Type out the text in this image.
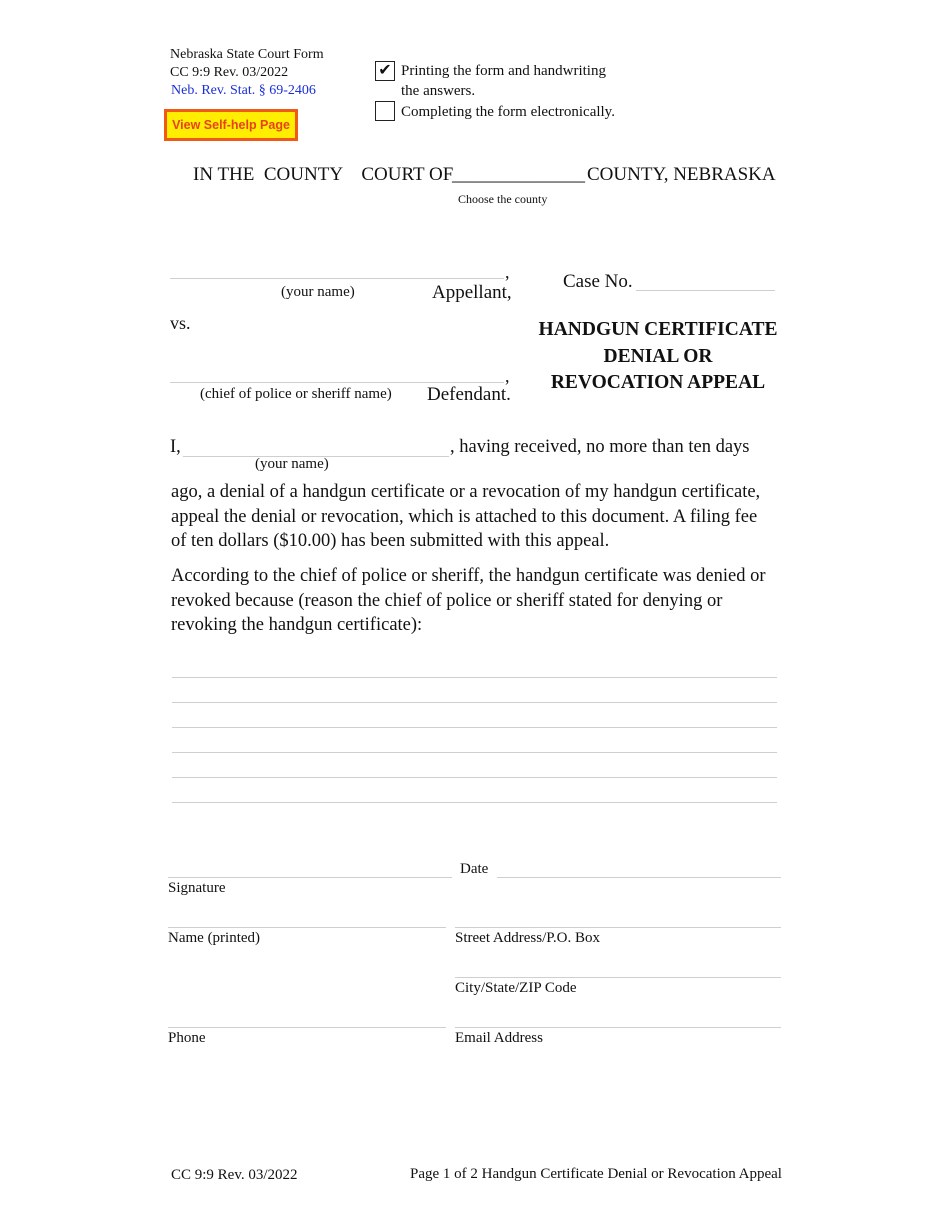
Nebraska State Court Form
CC 9:9 Rev. 03/2022
Neb. Rev. Stat. § 69-2406
View Self-help Page
✔ Printing the form and handwriting
the answers.
Completing the form electronically.
IN THE  COUNTY    COURT OF
______________ COUNTY, NEBRASKA
Choose the county
,
(your name)	Appellant,
Case No.
vs.	HANDGUN CERTIFICATE
DENIAL OR
REVOCATION APPEAL
,
(chief of police or sheriff name) Defendant.
I,	, having received, no more than ten days
(your name)
ago, a denial of a handgun certificate or a revocation of my handgun certificate,
appeal the denial or revocation, which is attached to this document. A filing fee
of ten dollars ($10.00) has been submitted with this appeal.
According to the chief of police or sheriff, the handgun certificate was denied or
revoked because (reason the chief of police or sheriff stated for denying or
revoking the handgun certificate):
Date
Signature
Name (printed)	Street Address/P.O. Box
City/State/ZIP Code
Phone	Email Address
CC 9:9 Rev. 03/2022	Page 1 of 2 Handgun Certificate Denial or Revocation Appeal
